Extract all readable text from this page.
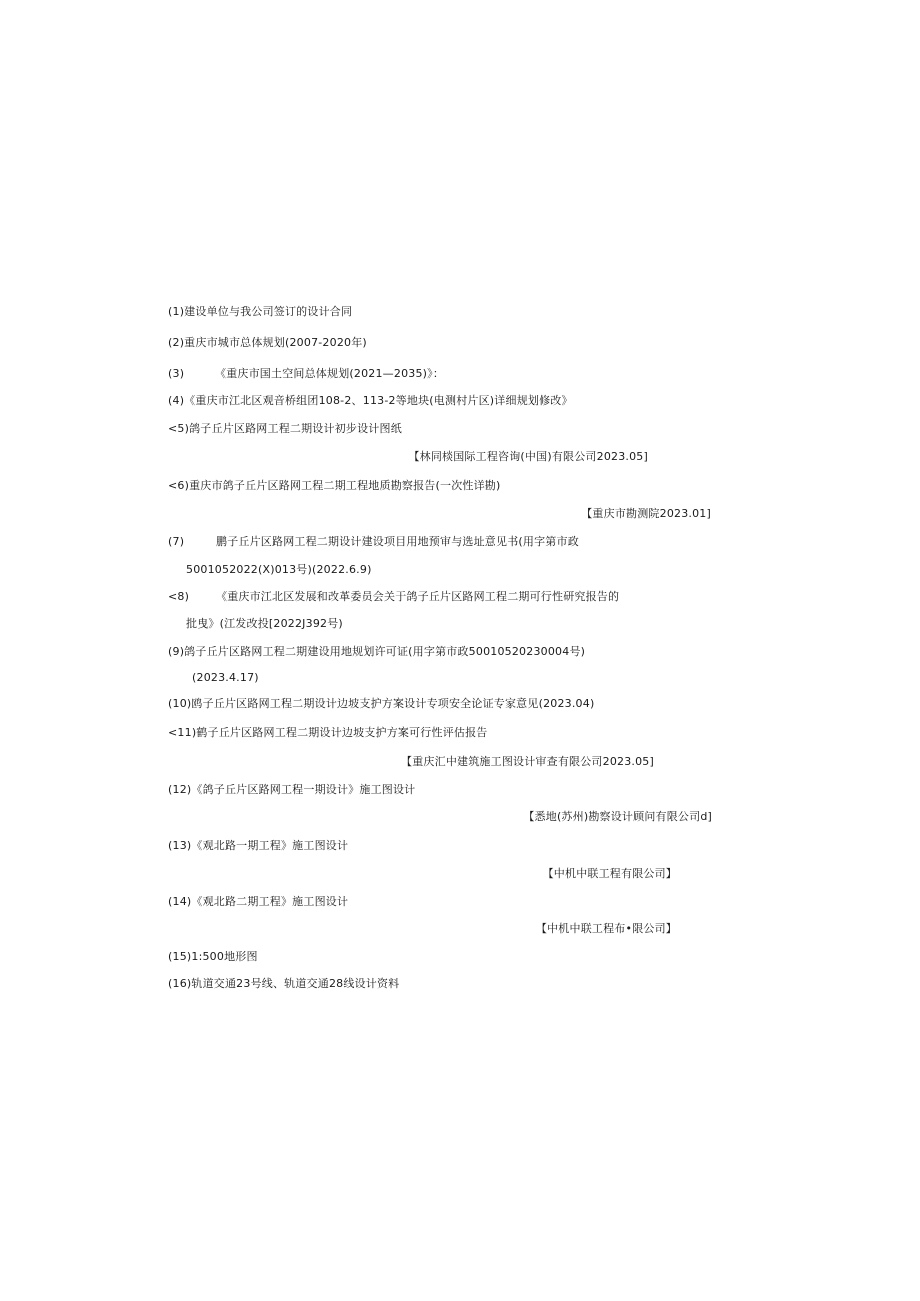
(1)建设单位与我公司签订的设计合同
(2)重庆市城市总体规划(2007-2020年)
(3)	《重庆市国土空间总体规划(2021—2035)》：
(4)《重庆市江北区观音桥组团108-2、113-2等地块(电测村片区)详细规划修改》
<5)鸽子丘片区路网工程二期设计初步设计图纸
【林同棪国际工程咨询(中国)有限公司2023.05]
<6)重庆市鸽子丘片区路网工程二期工程地质勘察报告(一次性详勘)
【重庆市勘测院2023.01]
(7)	鹏子丘片区路网工程二期设计建设项目用地预审与选址意见书(用字第市政
5001052022(X)013号)(2022.6.9)
<8) 《重庆市江北区发展和改革委员会关于鸽子丘片区路网工程二期可行性研究报告的
批曳》(江发改投[2022J392号)
(9)鸽子丘片区路网工程二期建设用地规划许可证(用字第市政50010520230004号)
(2023.4.17)
(10)鸥子丘片区路网工程二期设计边坡支护方案设计专项安全论证专家意见(2023.04)
<11)鹤子丘片区路网工程二期设计边坡支护方案可行性评估报告
【重庆汇中建筑施工图设计审查有限公司2023.05]
(12)《鸽子丘片区路网工程一期设计》施工图设计
【悉地(苏州)勘察设计顾问有限公司d]
(13)《观北路一期工程》施工图设计
【中机中联工程有限公司】
(14)《观北路二期工程》施工图设计
【中机中联工程布•限公司】
(15)1:500地形图
(16)轨道交通23号线、轨道交通28线设计资料
